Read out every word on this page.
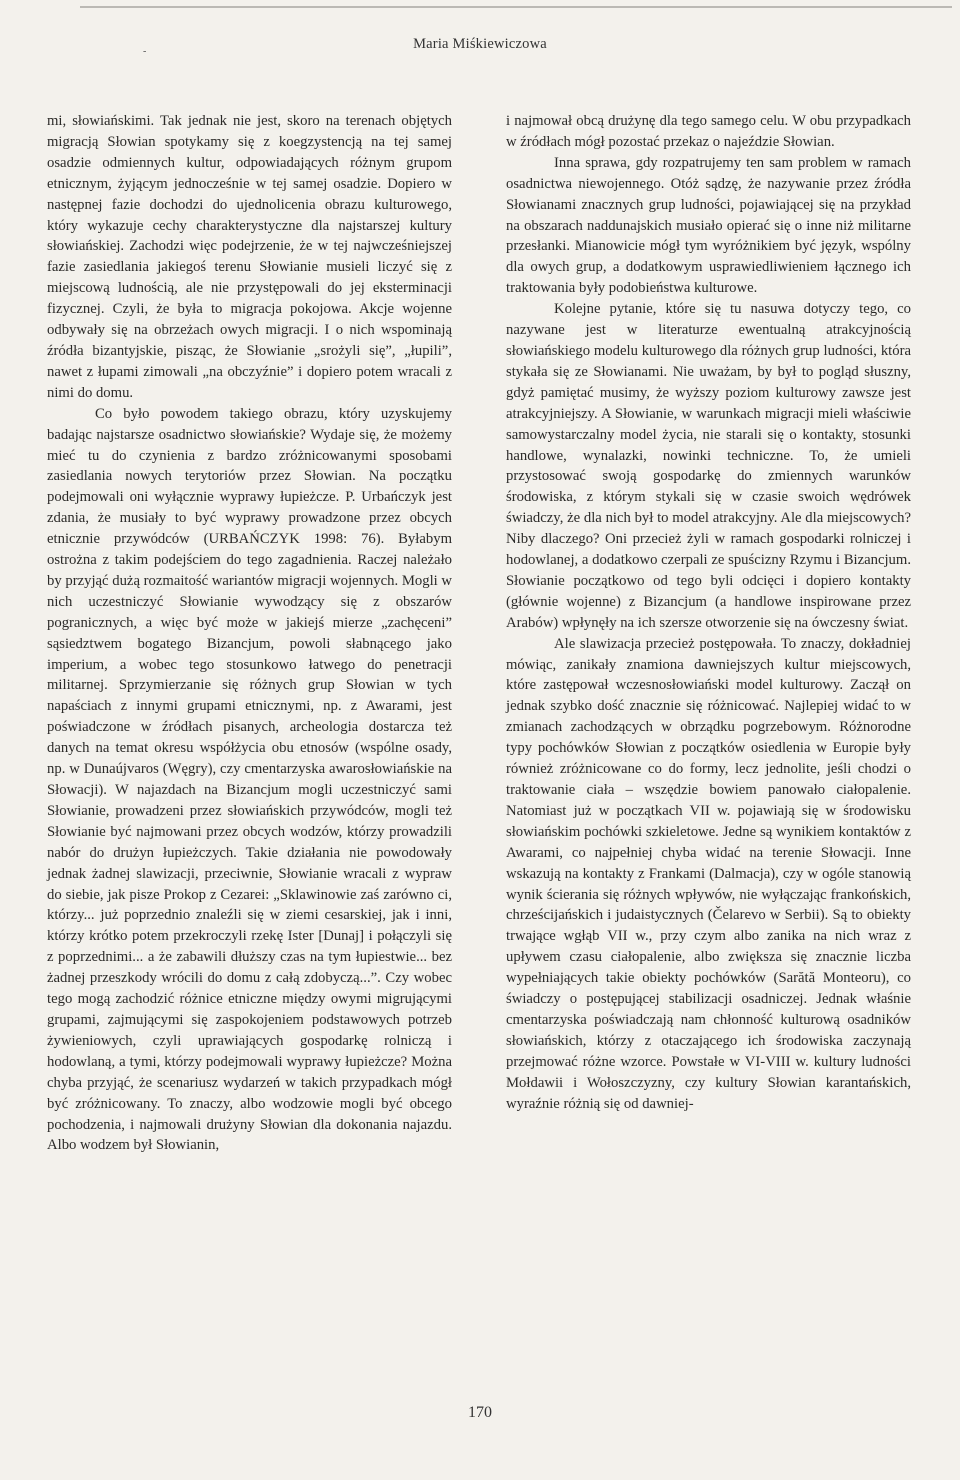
‐	Maria Miśkiewiczowa

mi, słowiańskimi. Tak jednak nie jest, skoro na terenach objętych migracją Słowian spotykamy się z koegzystencją na tej samej osadzie odmiennych kultur, odpowiadających różnym grupom etnicznym, żyjącym jednocześnie w tej samej osadzie. Dopiero w następnej fazie dochodzi do ujednolicenia obrazu kulturowego, który wykazuje cechy charakterystyczne dla najstarszej kultury słowiańskiej. Zachodzi więc podejrzenie, że w tej najwcześniejszej fazie zasiedlania jakiegoś terenu Słowianie musieli liczyć się z miejscową ludnością, ale nie przystępowali do jej eksterminacji fizycznej. Czyli, że była to migracja pokojowa. Akcje wojenne odbywały się na obrzeżach owych migracji. I o nich wspominają źródła bizantyjskie, pisząc, że Słowianie „srożyli się”, „łupili”, nawet z łupami zimowali „na obczyźnie” i dopiero potem wracali z nimi do domu.

Co było powodem takiego obrazu, który uzyskujemy badając najstarsze osadnictwo słowiańskie? Wydaje się, że możemy mieć tu do czynienia z bardzo zróżnicowanymi sposobami zasiedlania nowych terytoriów przez Słowian. Na początku podejmowali oni wyłącznie wyprawy łupieżcze. P. Urbańczyk jest zdania, że musiały to być wyprawy prowadzone przez obcych etnicznie przywódców (URBAŃCZYK 1998: 76). Byłabym ostrożna z takim podejściem do tego zagadnienia. Raczej należało by przyjąć dużą rozmaitość wariantów migracji wojennych. Mogli w nich uczestniczyć Słowianie wywodzący się z obszarów pogranicznych, a więc być może w jakiejś mierze „zachęceni” sąsiedztwem bogatego Bizancjum, powoli słabnącego jako imperium, a wobec tego stosunkowo łatwego do penetracji militarnej. Sprzymierzanie się różnych grup Słowian w tych napaściach z innymi grupami etnicznymi, np. z Awarami, jest poświadczone w źródłach pisanych, archeologia dostarcza też danych na temat okresu współżycia obu etnosów (wspólne osady, np. w Dunaújvaros (Węgry), czy cmentarzyska awarosłowiańskie na Słowacji). W najazdach na Bizancjum mogli uczestniczyć sami Słowianie, prowadzeni przez słowiańskich przywódców, mogli też Słowianie być najmowani przez obcych wodzów, którzy prowadzili nabór do drużyn łupieżczych. Takie działania nie powodowały jednak żadnej slawizacji, przeciwnie, Słowianie wracali z wypraw do siebie, jak pisze Prokop z Cezarei: „Sklawinowie zaś zarówno ci, którzy... już poprzednio znaleźli się w ziemi cesarskiej, jak i inni, którzy krótko potem przekroczyli rzekę Ister [Dunaj] i połączyli się z poprzednimi... a że zabawili dłuższy czas na tym łupiestwie... bez żadnej przeszkody wrócili do domu z całą zdobyczą...”. Czy wobec tego mogą zachodzić różnice etniczne między owymi migrującymi grupami, zajmującymi się zaspokojeniem podstawowych potrzeb żywieniowych, czyli uprawiających gospodarkę rolniczą i hodowlaną, a tymi, którzy podejmowali wyprawy łupieżcze? Można chyba przyjąć, że scenariusz wydarzeń w takich przypadkach mógł być zróżnicowany. To znaczy, albo wodzowie mogli być obcego pochodzenia, i najmowali drużyny Słowian dla dokonania najazdu. Albo wodzem był Słowianin,

i najmował obcą drużynę dla tego samego celu. W obu przypadkach w źródłach mógł pozostać przekaz o najeździe Słowian.

Inna sprawa, gdy rozpatrujemy ten sam problem w ramach osadnictwa niewojennego. Otóż sądzę, że nazywanie przez źródła Słowianami znacznych grup ludności, pojawiającej się na przykład na obszarach naddunajskich musiało opierać się o inne niż militarne przesłanki. Mianowicie mógł tym wyróżnikiem być język, wspólny dla owych grup, a dodatkowym usprawiedliwieniem łącznego ich traktowania były podobieństwa kulturowe.

Kolejne pytanie, które się tu nasuwa dotyczy tego, co nazywane jest w literaturze ewentualną atrakcyjnością słowiańskiego modelu kulturowego dla różnych grup ludności, która stykała się ze Słowianami. Nie uważam, by był to pogląd słuszny, gdyż pamiętać musimy, że wyższy poziom kulturowy zawsze jest atrakcyjniejszy. A Słowianie, w warunkach migracji mieli właściwie samowystarczalny model życia, nie starali się o kontakty, stosunki handlowe, wynalazki, nowinki techniczne. To, że umieli przystosować swoją gospodarkę do zmiennych warunków środowiska, z którym stykali się w czasie swoich wędrówek świadczy, że dla nich był to model atrakcyjny. Ale dla miejscowych? Niby dlaczego? Oni przecież żyli w ramach gospodarki rolniczej i hodowlanej, a dodatkowo czerpali ze spuścizny Rzymu i Bizancjum. Słowianie początkowo od tego byli odcięci i dopiero kontakty (głównie wojenne) z Bizancjum (a handlowe inspirowane przez Arabów) wpłynęły na ich szersze otworzenie się na ówczesny świat.

Ale slawizacja przecież postępowała. To znaczy, dokładniej mówiąc, zanikały znamiona dawniejszych kultur miejscowych, które zastępował wczesnosłowiański model kulturowy. Zaczął on jednak szybko dość znacznie się różnicować. Najlepiej widać to w zmianach zachodzących w obrządku pogrzebowym. Różnorodne typy pochówków Słowian z początków osiedlenia w Europie były również zróżnicowane co do formy, lecz jednolite, jeśli chodzi o traktowanie ciała – wszędzie bowiem panowało ciałopalenie. Natomiast już w początkach VII w. pojawiają się w środowisku słowiańskim pochówki szkieletowe. Jedne są wynikiem kontaktów z Awarami, co najpełniej chyba widać na terenie Słowacji. Inne wskazują na kontakty z Frankami (Dalmacja), czy w ogóle stanowią wynik ścierania się różnych wpływów, nie wyłączając frankońskich, chrześcijańskich i judaistycznych (Čelarevo w Serbii). Są to obiekty trwające wgłąb VII w., przy czym albo zanika na nich wraz z upływem czasu ciałopalenie, albo zwiększa się znacznie liczba wypełniających takie obiekty pochówków (Sarătă Monteoru), co świadczy o postępującej stabilizacji osadniczej. Jednak właśnie cmentarzyska poświadczają nam chłonność kulturową osadników słowiańskich, którzy z otaczającego ich środowiska zaczynają przejmować różne wzorce. Powstałe w VI-VIII w. kultury ludności Mołdawii i Wołoszczyzny, czy kultury Słowian karantańskich, wyraźnie różnią się od dawniej-

170
